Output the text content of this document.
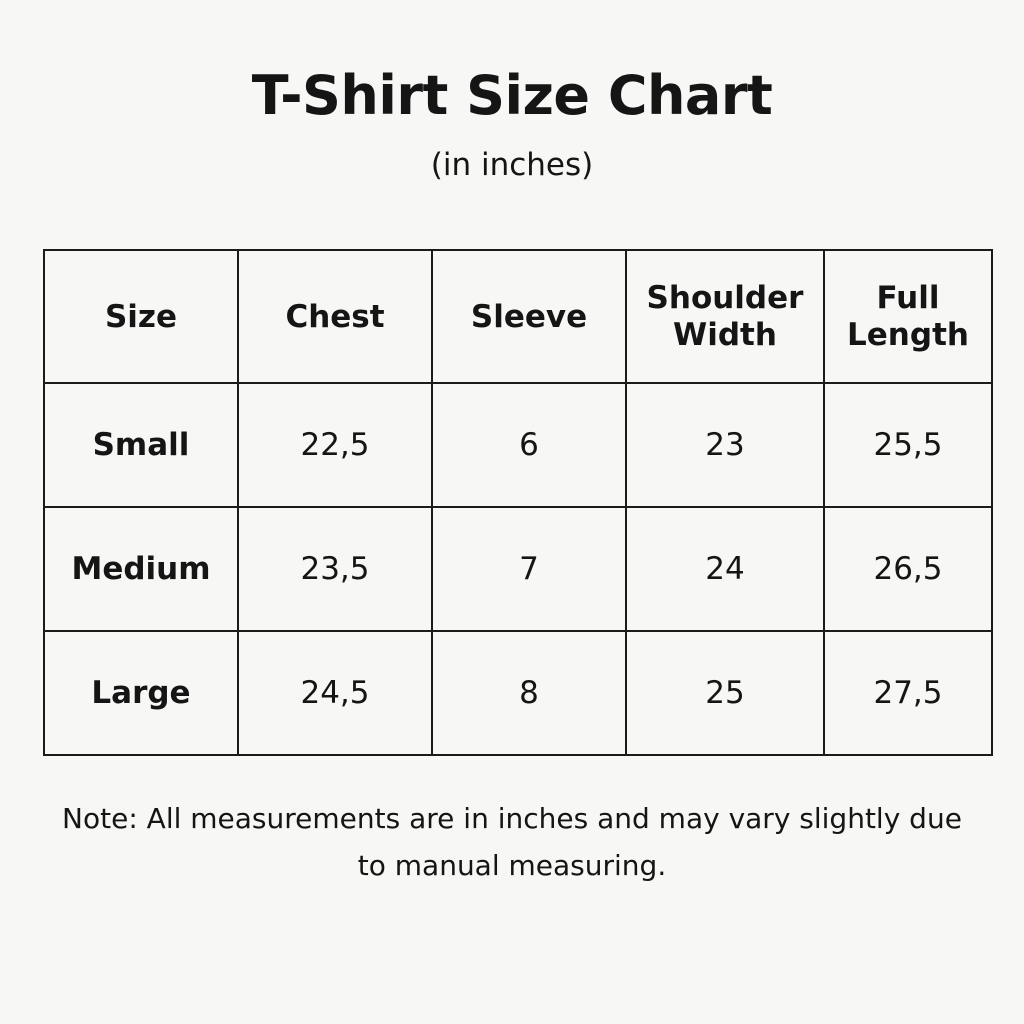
T-Shirt Size Chart
(in inches)
Size	Chest	Sleeve	Shoulder Width	Full Length
Small	22,5	6	23	25,5
Medium	23,5	7	24	26,5
Large	24,5	8	25	27,5
Note: All measurements are in inches and may vary slightly due to manual measuring.
